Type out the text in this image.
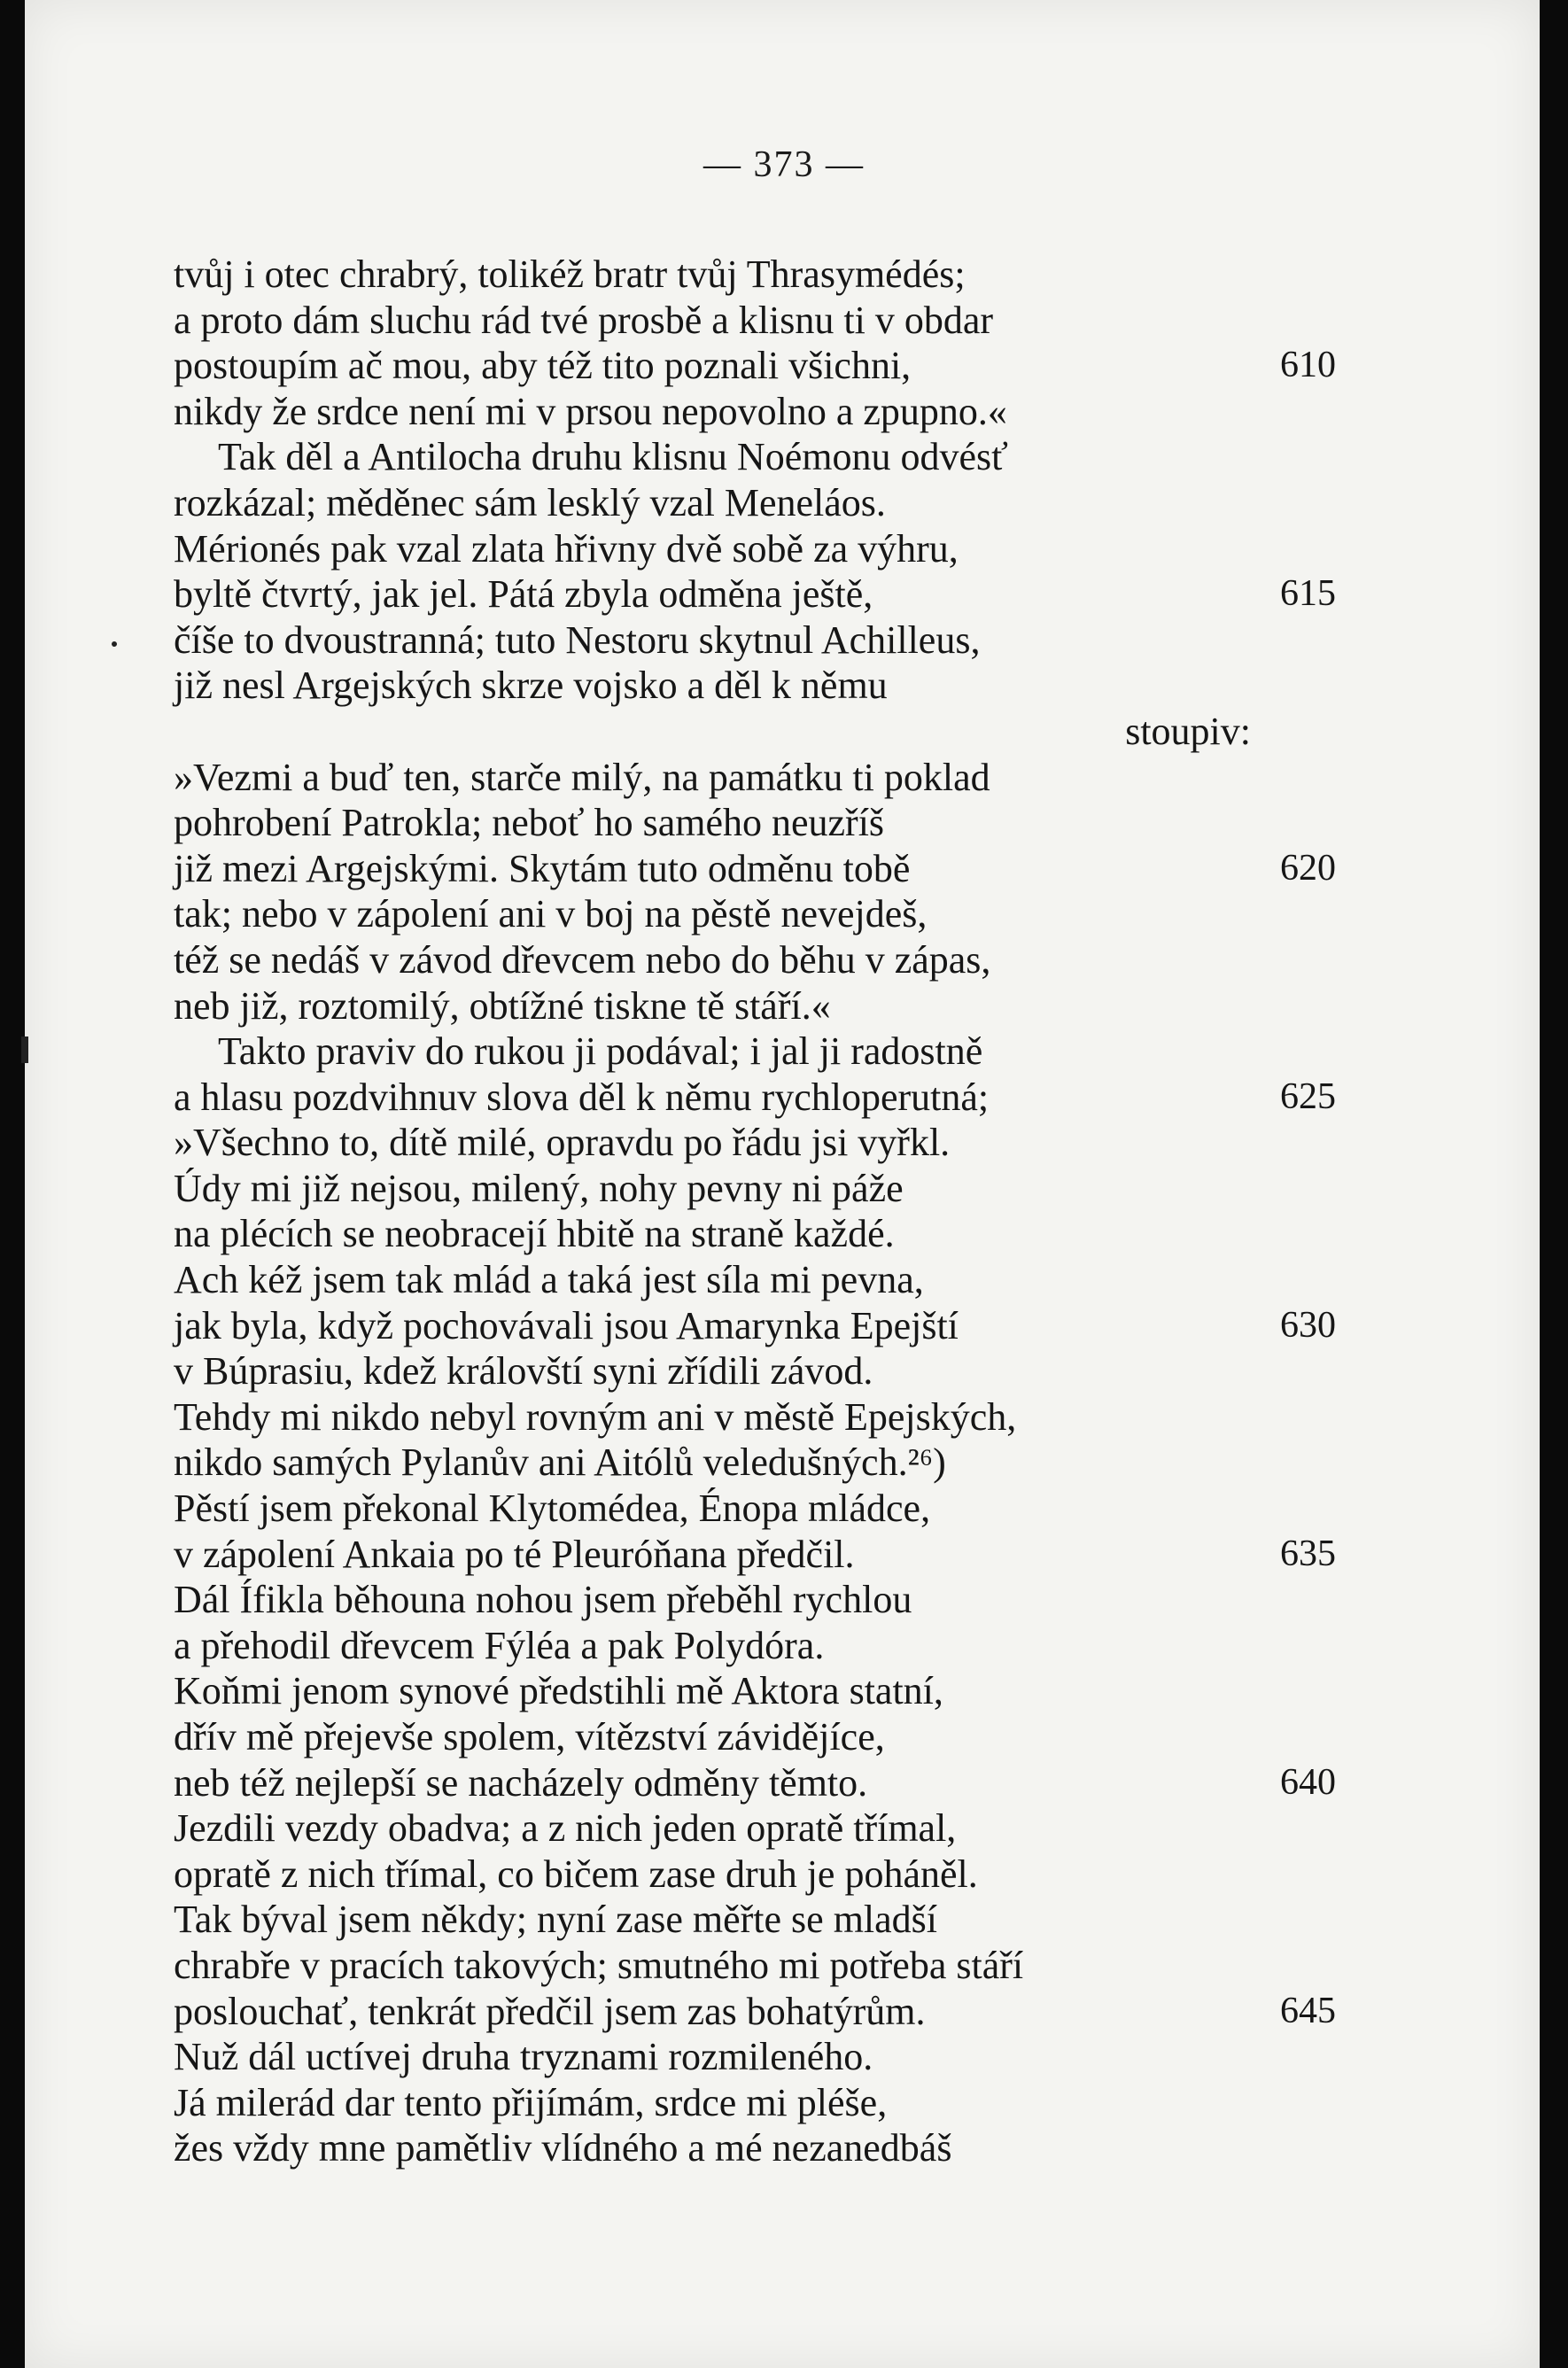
— 373 —
tvůj i otec chrabrý, tolikéž bratr tvůj Thrasymédés;
a proto dám sluchu rád tvé prosbě a klisnu ti v obdar
postoupím ač mou, aby též tito poznali všichni,	610
nikdy že srdce není mi v prsou nepovolno a zpupno.«
Tak děl a Antilocha druhu klisnu Noémonu odvésť
rozkázal; měděnec sám lesklý vzal Meneláos.
Mérionés pak vzal zlata hřivny dvě sobě za výhru,
byltě čtvrtý, jak jel. Pátá zbyla odměna ještě,	615
číše to dvoustranná; tuto Nestoru skytnul Achilleus,
již nesl Argejských skrze vojsko a děl k němu
stoupiv:
»Vezmi a buď ten, starče milý, na památku ti poklad
pohrobení Patrokla; neboť ho samého neuzříš
již mezi Argejskými. Skytám tuto odměnu tobě	620
tak; nebo v zápolení ani v boj na pěstě nevejdeš,
též se nedáš v závod dřevcem nebo do běhu v zápas,
neb již, roztomilý, obtížné tiskne tě stáří.«
Takto praviv do rukou ji podával; i jal ji radostně
a hlasu pozdvihnuv slova děl k němu rychloperutná;	625
»Všechno to, dítě milé, opravdu po řádu jsi vyřkl.
Údy mi již nejsou, milený, nohy pevny ni páže
na plécích se neobracejí hbitě na straně každé.
Ach kéž jsem tak mlád a taká jest síla mi pevna,
jak byla, když pochovávali jsou Amarynka Epejští	630
v Búprasiu, kdež královští syni zřídili závod.
Tehdy mi nikdo nebyl rovným ani v městě Epejských,
nikdo samých Pylanův ani Aitólů veledušných.²⁶)
Pěstí jsem překonal Klytomédea, Énopa mládce,
v zápolení Ankaia po té Pleuróňana předčil.	635
Dál Ífikla běhouna nohou jsem přeběhl rychlou
a přehodil dřevcem Fýléa a pak Polydóra.
Koňmi jenom synové předstihli mě Aktora statní,
dřív mě přejevše spolem, vítězství závidějíce,
neb též nejlepší se nacházely odměny těmto.	640
Jezdili vezdy obadva; a z nich jeden opratě třímal,
opratě z nich třímal, co bičem zase druh je poháněl.
Tak býval jsem někdy; nyní zase měřte se mladší
chrabře v pracích takových; smutného mi potřeba stáří
poslouchať, tenkrát předčil jsem zas bohatýrům.	645
Nuž dál uctívej druha tryznami rozmileného.
Já milerád dar tento přijímám, srdce mi pléše,
žes vždy mne pamětliv vlídného a mé nezanedbáš
